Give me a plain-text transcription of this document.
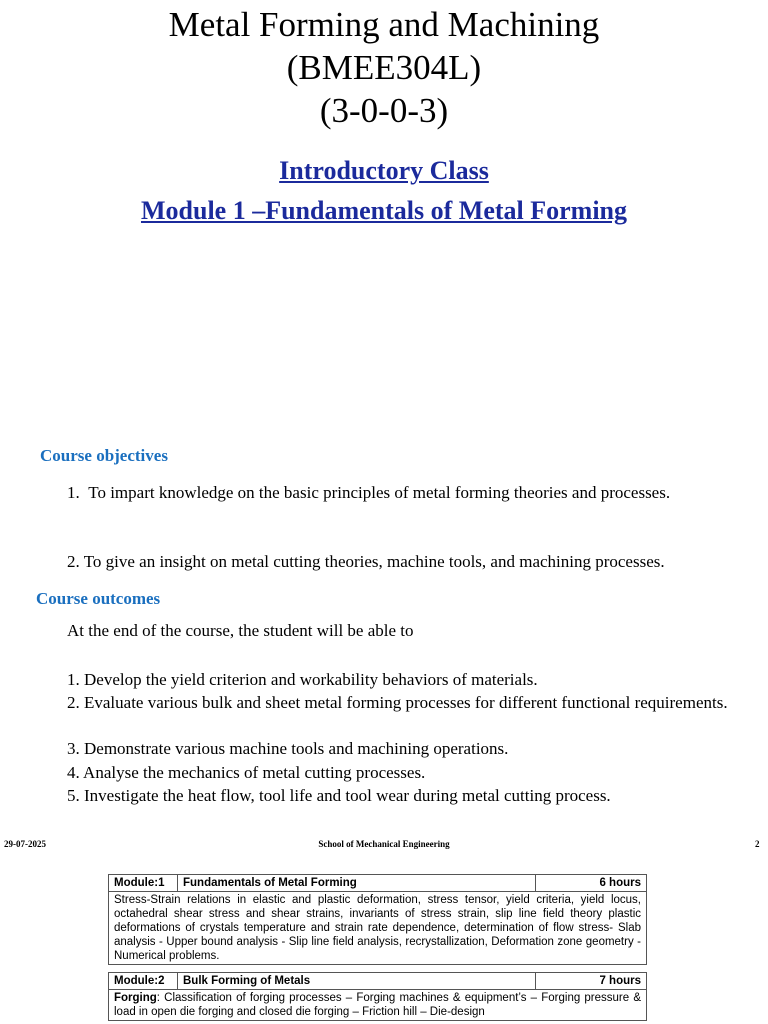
Metal Forming and Machining
(BMEE304L)
(3-0-0-3)
Introductory Class
Module 1 –Fundamentals of Metal Forming
Course objectives
1.  To impart knowledge on the basic principles of metal forming theories and processes.
2. To give an insight on metal cutting theories, machine tools, and machining processes.
Course outcomes
At the end of the course, the student will be able to
1. Develop the yield criterion and workability behaviors of materials.
2. Evaluate various bulk and sheet metal forming processes for different functional requirements.
3. Demonstrate various machine tools and machining operations.
4. Analyse the mechanics of metal cutting processes.
5. Investigate the heat flow, tool life and tool wear during metal cutting process.
29-07-2025	School of Mechanical Engineering	2
Module:1	Fundamentals of Metal Forming	6 hours
Stress-Strain relations in elastic and plastic deformation, stress tensor, yield criteria, yield locus, octahedral shear stress and shear strains, invariants of stress strain, slip line field theory plastic deformations of crystals temperature and strain rate dependence, determination of flow stress- Slab analysis - Upper bound analysis - Slip line field analysis, recrystallization, Deformation zone geometry - Numerical problems.		

Module:2	Bulk Forming of Metals	7 hours
Forging: Classification of forging processes – Forging machines & equipment’s – Forging pressure & load in open die forging and closed die forging – Friction hill – Die-design		
